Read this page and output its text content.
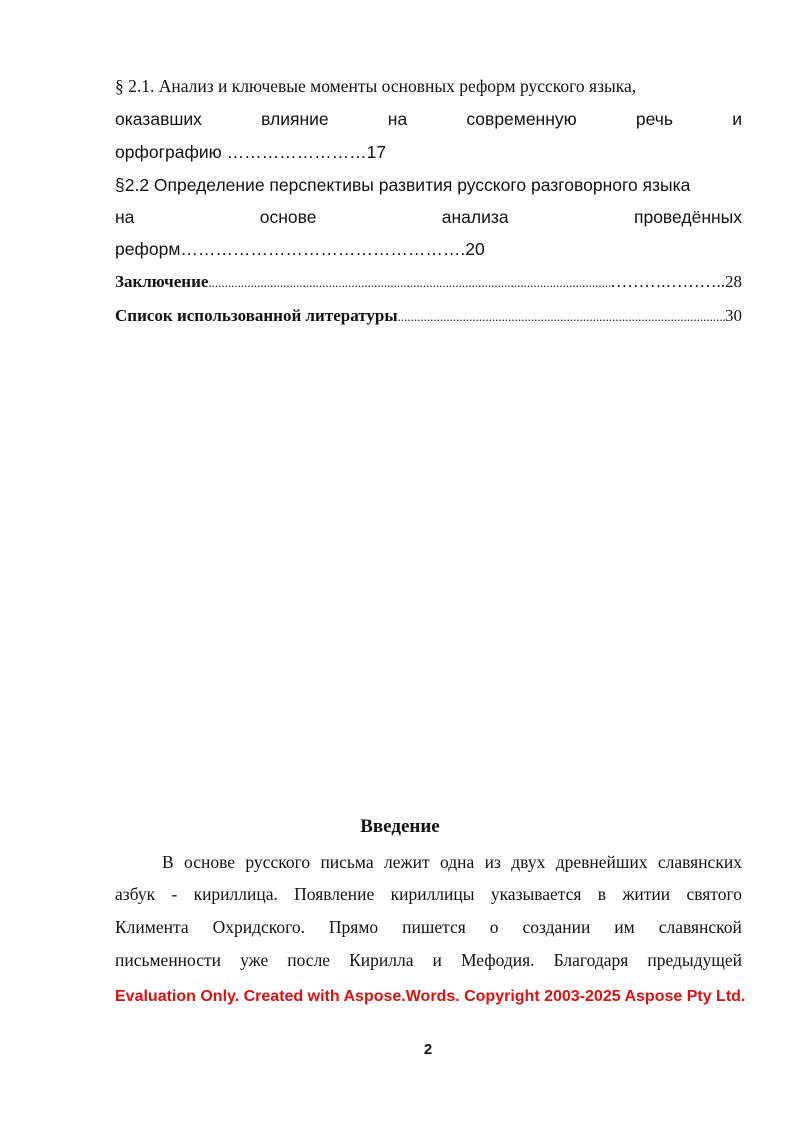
§ 2.1. Анализ и ключевые моменты основных реформ русского языка,
оказавших	влияние	на	современную	речь	и
орфографию ……………………17
§2.2 Определение перспективы развития русского разговорного языка
на	основе	анализа	проведённых
реформ………………………………………….20
Заключение .....	……….………..28
Список использованной литературы .....	30
Введение
В основе русского письма лежит одна из двух древнейших славянских
азбук - кириллица. Появление кириллицы указывается в житии святого
Климента Охридского. Прямо пишется о создании им славянской
письменности уже после Кирилла и Мефодия. Благодаря предыдущей
Evaluation Only. Created with Aspose.Words. Copyright 2003-2025 Aspose Pty Ltd.
2
